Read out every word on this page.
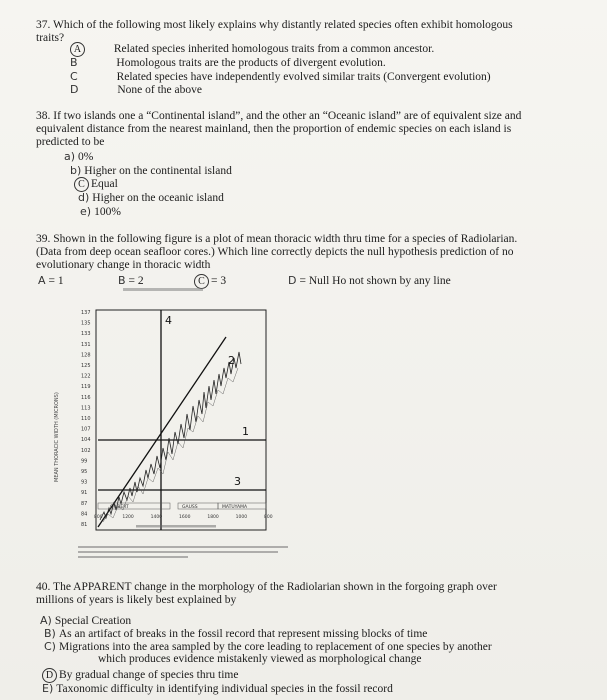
37. Which of the following most likely explains why distantly related species often exhibit homologous

traits?

A	Related species inherited homologous traits from a common ancestor.
B	Homologous traits are the products of divergent evolution.
C	Related species have independently evolved similar traits (Convergent evolution)
D	None of the above

38. If two islands one a “Continental island”, and the other an “Oceanic island” are of equivalent size and

equivalent distance from the nearest mainland, then the proportion of endemic species on each island is

predicted to be

a) 0%
b) Higher on the continental island
C Equal
d) Higher on the oceanic island
e) 100%

39. Shown in the following figure is a plot of mean thoracic width thru time for a species of Radiolarian.

(Data from deep ocean seafloor cores.) Which line correctly depicts the null hypothesis prediction of no

evolutionary change in thoracic width

A = 1	B = 2	C = 3	D = Null Ho not shown by any line
137
135
133
131
128
125
122
119
116
113
110
107
104
102
99
95
93
91
87
84
81
MEAN THORACIC WIDTH (MICRONS)
4
2
1
3
GILBERT	GAUSS	MATUYAMA
800	1200	1400	1600	1800	1000	800

40. The APPARENT change in the morphology of the Radiolarian shown in the forgoing graph over

millions of years is likely best explained by

A) Special Creation
B) As an artifact of breaks in the fossil record that represent missing blocks of time
C) Migrations into the area sampled by the core leading to replacement of one species by another
which produces evidence mistakenly viewed as morphological change
D By gradual change of species thru time
E) Taxonomic difficulty in identifying individual species in the fossil record
